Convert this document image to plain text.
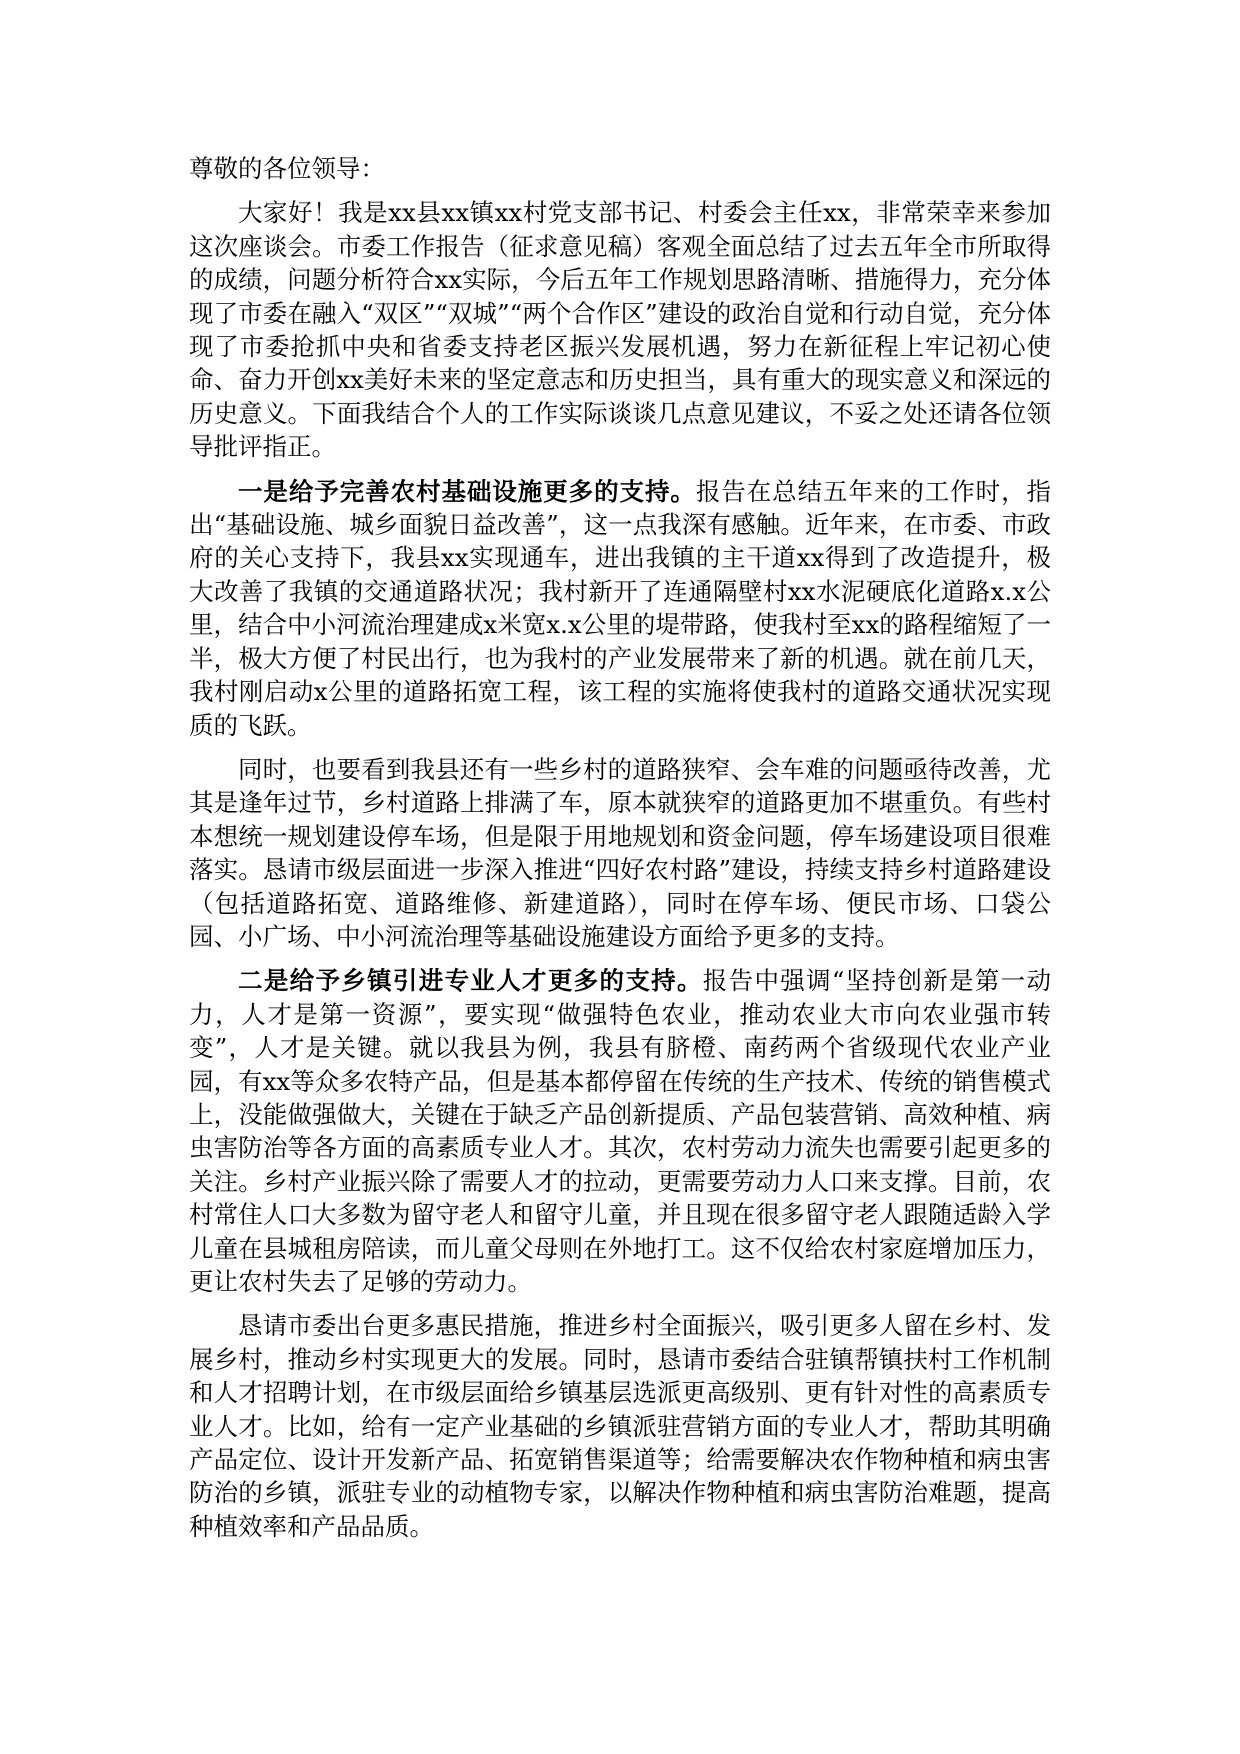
尊敬的各位领导：

大家好！我是xx县xx镇xx村党支部书记、村委会主任xx，非常荣幸来参加这次座谈会。市委工作报告（征求意见稿）客观全面总结了过去五年全市所取得的成绩，问题分析符合xx实际，今后五年工作规划思路清晰、措施得力，充分体现了市委在融入“双区”“双城”“两个合作区”建设的政治自觉和行动自觉，充分体现了市委抢抓中央和省委支持老区振兴发展机遇，努力在新征程上牢记初心使命、奋力开创xx美好未来的坚定意志和历史担当，具有重大的现实意义和深远的历史意义。下面我结合个人的工作实际谈谈几点意见建议，不妥之处还请各位领导批评指正。

一是给予完善农村基础设施更多的支持。报告在总结五年来的工作时，指出“基础设施、城乡面貌日益改善”，这一点我深有感触。近年来，在市委、市政府的关心支持下，我县xx实现通车，进出我镇的主干道xx得到了改造提升，极大改善了我镇的交通道路状况；我村新开了连通隔壁村xx水泥硬底化道路x.x公里，结合中小河流治理建成x米宽x.x公里的堤带路，使我村至xx的路程缩短了一半，极大方便了村民出行，也为我村的产业发展带来了新的机遇。就在前几天，我村刚启动x公里的道路拓宽工程，该工程的实施将使我村的道路交通状况实现质的飞跃。

同时，也要看到我县还有一些乡村的道路狭窄、会车难的问题亟待改善，尤其是逢年过节，乡村道路上排满了车，原本就狭窄的道路更加不堪重负。有些村本想统一规划建设停车场，但是限于用地规划和资金问题，停车场建设项目很难落实。恳请市级层面进一步深入推进“四好农村路”建设，持续支持乡村道路建设（包括道路拓宽、道路维修、新建道路），同时在停车场、便民市场、口袋公园、小广场、中小河流治理等基础设施建设方面给予更多的支持。

二是给予乡镇引进专业人才更多的支持。报告中强调“坚持创新是第一动力，人才是第一资源”，要实现“做强特色农业，推动农业大市向农业强市转变”，人才是关键。就以我县为例，我县有脐橙、南药两个省级现代农业产业园，有xx等众多农特产品，但是基本都停留在传统的生产技术、传统的销售模式上，没能做强做大，关键在于缺乏产品创新提质、产品包装营销、高效种植、病虫害防治等各方面的高素质专业人才。其次，农村劳动力流失也需要引起更多的关注。乡村产业振兴除了需要人才的拉动，更需要劳动力人口来支撑。目前，农村常住人口大多数为留守老人和留守儿童，并且现在很多留守老人跟随适龄入学儿童在县城租房陪读，而儿童父母则在外地打工。这不仅给农村家庭增加压力，更让农村失去了足够的劳动力。

恳请市委出台更多惠民措施，推进乡村全面振兴，吸引更多人留在乡村、发展乡村，推动乡村实现更大的发展。同时，恳请市委结合驻镇帮镇扶村工作机制和人才招聘计划，在市级层面给乡镇基层选派更高级别、更有针对性的高素质专业人才。比如，给有一定产业基础的乡镇派驻营销方面的专业人才，帮助其明确产品定位、设计开发新产品、拓宽销售渠道等；给需要解决农作物种植和病虫害防治的乡镇，派驻专业的动植物专家，以解决作物种植和病虫害防治难题，提高种植效率和产品品质。
